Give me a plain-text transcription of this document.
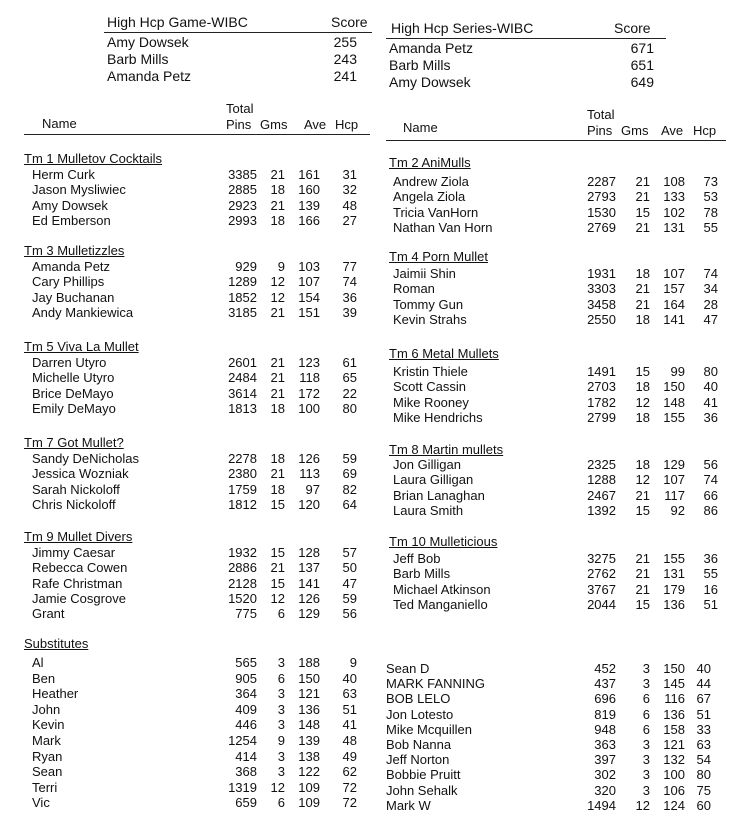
High Hcp Game-WIBC	Score
Amy Dowsek	255
Barb Mills	243
Amanda Petz	241
High Hcp Series-WIBC	Score
Amanda Petz	671
Barb Mills	651
Amy Dowsek	649
Total
Name	Pins Gms Ave Hcp
Total
Name	Pins Gms Ave Hcp
Tm 1 Mulletov Cocktails
Herm Curk	3385	21	161	31
Jason Mysliwiec	2885	18	160	32
Amy Dowsek	2923	21	139	48
Ed Emberson	2993	18	166	27
Tm 3 Mulletizzles
Amanda Petz	929	9	103	77
Cary Phillips	1289	12	107	74
Jay Buchanan	1852	12	154	36
Andy Mankiewica	3185	21	151	39
Tm 5 Viva La Mullet
Darren Utyro	2601	21	123	61
Michelle Utyro	2484	21	118	65
Brice DeMayo	3614	21	172	22
Emily DeMayo	1813	18	100	80
Tm 7 Got Mullet?
Sandy DeNicholas	2278	18	126	59
Jessica Wozniak	2380	21	113	69
Sarah Nickoloff	1759	18	97	82
Chris Nickoloff	1812	15	120	64
Tm 9 Mullet Divers
Jimmy Caesar	1932	15	128	57
Rebecca Cowen	2886	21	137	50
Rafe Christman	2128	15	141	47
Jamie Cosgrove	1520	12	126	59
Grant	775	6	129	56
Tm 2 AniMulls
Andrew Ziola	2287	21	108	73
Angela Ziola	2793	21	133	53
Tricia VanHorn	1530	15	102	78
Nathan Van Horn	2769	21	131	55
Tm 4 Porn Mullet
Jaimii Shin	1931	18	107	74
Roman	3303	21	157	34
Tommy Gun	3458	21	164	28
Kevin Strahs	2550	18	141	47
Tm 6 Metal Mullets
Kristin Thiele	1491	15	99	80
Scott Cassin	2703	18	150	40
Mike Rooney	1782	12	148	41
Mike Hendrichs	2799	18	155	36
Tm 8 Martin mullets
Jon Gilligan	2325	18	129	56
Laura Gilligan	1288	12	107	74
Brian Lanaghan	2467	21	117	66
Laura Smith	1392	15	92	86
Tm 10 Mulleticious
Jeff Bob	3275	21	155	36
Barb Mills	2762	21	131	55
Michael Atkinson	3767	21	179	16
Ted Manganiello	2044	15	136	51
Substitutes
Al	565	3	188	9
Ben	905	6	150	40
Heather	364	3	121	63
John	409	3	136	51
Kevin	446	3	148	41
Mark	1254	9	139	48
Ryan	414	3	138	49
Sean	368	3	122	62
Terri	1319	12	109	72
Vic	659	6	109	72
Sean D	452	3	150 40
MARK FANNING	437	3	145 44
BOB LELO	696	6	116 67
Jon Lotesto	819	6	136 51
Mike Mcquillen	948	6	158 33
Bob Nanna	363	3	121 63
Jeff Norton	397	3	132 54
Bobbie Pruitt	302	3	100 80
John Sehalk	320	3	106 75
Mark W	1494	12	124 60
